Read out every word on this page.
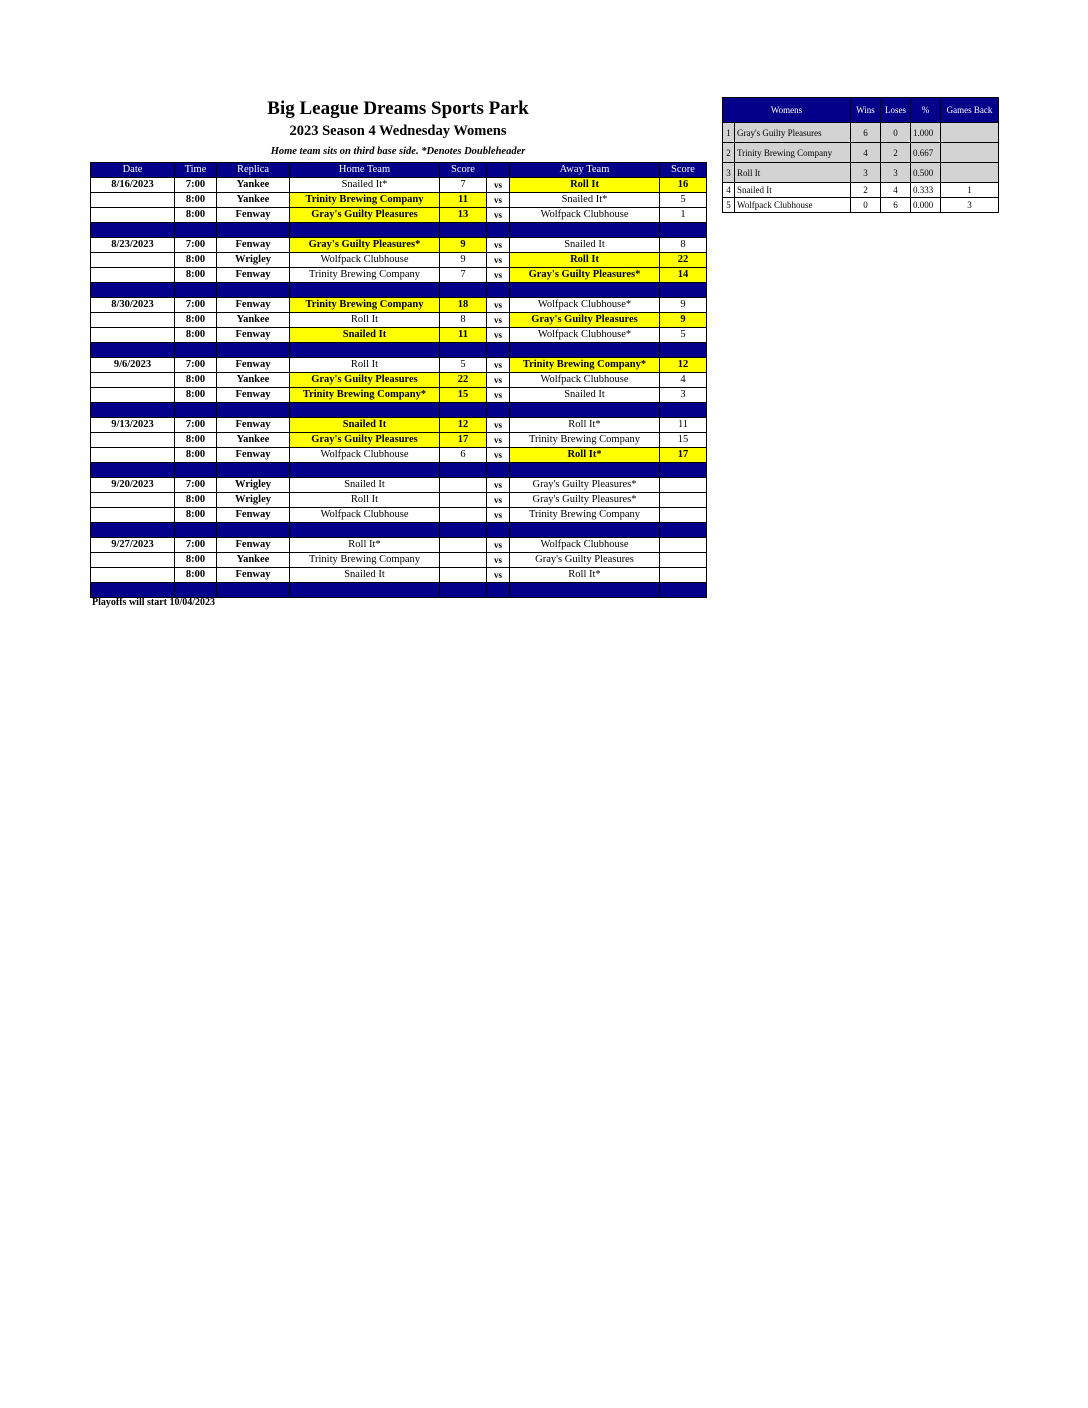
Big League Dreams Sports Park
2023 Season 4 Wednesday Womens
Home team sits on third base side. *Denotes Doubleheader
Date	Time	Replica	Home Team	Score		Away Team	Score
8/16/2023	7:00	Yankee	Snailed It*	7	vs	Roll It	16
	8:00	Yankee	Trinity Brewing Company	11	vs	Snailed It*	5
	8:00	Fenway	Gray's Guilty Pleasures	13	vs	Wolfpack Clubhouse	1

8/23/2023	7:00	Fenway	Gray's Guilty Pleasures*	9	vs	Snailed It	8
	8:00	Wrigley	Wolfpack Clubhouse	9	vs	Roll It	22
	8:00	Fenway	Trinity Brewing Company	7	vs	Gray's Guilty Pleasures*	14

8/30/2023	7:00	Fenway	Trinity Brewing Company	18	vs	Wolfpack Clubhouse*	9
	8:00	Yankee	Roll It	8	vs	Gray's Guilty Pleasures	9
	8:00	Fenway	Snailed It	11	vs	Wolfpack Clubhouse*	5

9/6/2023	7:00	Fenway	Roll It	5	vs	Trinity Brewing Company*	12
	8:00	Yankee	Gray's Guilty Pleasures	22	vs	Wolfpack Clubhouse	4
	8:00	Fenway	Trinity Brewing Company*	15	vs	Snailed It	3

9/13/2023	7:00	Fenway	Snailed It	12	vs	Roll It*	11
	8:00	Yankee	Gray's Guilty Pleasures	17	vs	Trinity Brewing Company	15
	8:00	Fenway	Wolfpack Clubhouse	6	vs	Roll It*	17

9/20/2023	7:00	Wrigley	Snailed It		vs	Gray's Guilty Pleasures*	
	8:00	Wrigley	Roll It		vs	Gray's Guilty Pleasures*	
	8:00	Fenway	Wolfpack Clubhouse		vs	Trinity Brewing Company	

9/27/2023	7:00	Fenway	Roll It*		vs	Wolfpack Clubhouse	
	8:00	Yankee	Trinity Brewing Company		vs	Gray's Guilty Pleasures	
	8:00	Fenway	Snailed It		vs	Roll It*	

Playoffs will start 10/04/2023
Womens		Wins	Loses	%	Games Back
1	Gray's Guilty Pleasures	6	0	1.000	
2	Trinity Brewing Company	4	2	0.667	
3	Roll It	3	3	0.500	
4	Snailed It	2	4	0.333	1
5	Wolfpack Clubhouse	0	6	0.000	3
